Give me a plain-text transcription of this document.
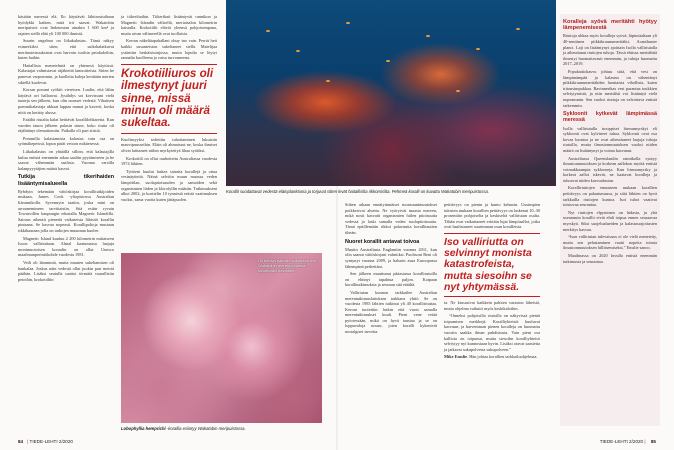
kästään meressä elä. Ilo käyttävät lähtiroutuihaan hyödykki kaiken, mitä irti saavat. Wakatobin meripuistot ovat Indonesian ainakin 1 600 km² ja rajaten siellä elää yli 100 000 ihmistä.

Suurin ongelma on liikakalastus. Tämä näkyy esimerkiksi siten, että suikrhalatkuvat merituuteisuuksistat ovat harvoin isoihin petokaloihin, kuten haihin.

Haitallisia menetelmiä on yhtenesä käytössä. Kalastajat valmistavat räjähteitä lannoitteista. Sitten he panevat varpommin, ja kuolleita kaloja kerätään merten sikiellä kuolevat.

Korran pommi ryökiti viereisen. Luulin, että lähin käytävä avi hallaavat. Jysähdys soi korvissani vielä tunteja sen jälkeen, kun olin nousset vedestä. Vihaitsen pommikalastaja ukkaat lappaa munat ja kaverit, koska niitä on kerätty alussa.

Eräältä riutalta kalat heittävät korallilohkareita. Kun vuoden tauon jälkeen palasin sinne, koko riutta oli räjähtänyt olemattomiin. Paikalla oli pari siistiä.

Pommilla kalastamista kalastus vain osa on syömäkepeissä, lopun pärät vetoon mikäesessä.

Liikakalastus on yhtäällä silloin, että kalastajilla kuluu entistä enemmän aikaa saaliin pyytämiseen ja he saavat vähemmän saalista. Vuonna varsilla kalanpyyytäjien määrä kasvoi.

Tutkija tikerihaiden lisääntymisalueella

Rybdyin tekemään väitöskirjaa korallitutkijoiden mukaan, James Cook -yliopistossa Australian Itärannikolla. Syvennyin taatiin, joska mini on arroanemineen tarvittaisiin. Sitä esitin ryvain Townsvillen kaupungin edustalla Magnetic Islandilla. Sairaus aiheutti pieneitä vaikuteista lähistöt korallin pintaana. Se kasvaa nopeasti. Korallipoltoja mustaan rikkihaaraan jolla on tarhojen muunnan kuolee.

Magnetic Island kuuluu 2 200 kilometrin mittaiseen Isoon valliriuttaan. Almal kaatumassa laajuja monimuotoisen koraalin on ollut Unesco maailmanperintökohde vuodesta 1981.

Veili oli lämmintä, mutta muuten sukeltamisen oli hankalaa. Joskus näin vedestä ollut juokin pari metriä päähän. Lisäksi seutulla saattoi törmätä vaarallisiin petoihin, krokotiiliin

ja tiikerihaihin. Tiikerihait lisääntyvät rannikon ja Magnetic Islandin välisellä, meriaisalon kilometrin kaistalla. Krokotiilit elävät yleensä pohjoisempana, mutta aivan välimerellä ovat tuollaisia.

Kerran näkeltäapahallani ohuy ino vain. Perrät heti kaikki susanteiston sukeltaneet siellä. Matelijaa ystärttiin heskäisiuinjossa, mutta lopulta se löytyi rannalta kuolleena ja vatsa turvonneena.

Krokotiiliuros oli ilmestynyt juuri sinne, missä minun oli määrä sukeltaa.

Kuolinsyyksi todettiin tuhottaminen lukuisiin mauvipuusseihin. Eläin oli ahmaissut ne, koska ihmiset olivat laittaneet niihin myrkytettyä lihaa syötiksi.

Krokotiili on ollut rauhoitettu Australiassa vuodesta 1974 lähtien.

Tyttöeni kuului laskea sairaita korallejä ja ottaa vesinäytteitä. Näinä selvitin muun muassa veden lämpötilan, suolapitoisuuden ja samoiden sekä organismien liiden ja klorofyllin määrän. Tutkimukseni alkoi 2002, ja koettelin 10 tynnöstä erästä vaatimuksen vuoksi, sama vuotta kuten jättäpuolen.

Oli tultava paikalle kokonaan niin Wakatobin merenpohjassa kovakoralli havaittiin.
Lobophyllia hemprichi -korallia esiintyy Wakatobin meripuistossa.
84 | TIEDE-LEHTI 2/2020
Korallit suodattavat vedestä eläinplanktonia ja torjuvat sitten levät haitallisilta rikkomisilta. Pehmeä koralli on kuvattu Wakatobin meripuistossa.

Siihen aikaan ennätyinmäiset monsuunimuutokset poikkesivat aluetta. Ne vyöryivät maasta mereen, mikä nosti kasvatti organismien hiilen pitoisuutta vedessä ja laski samalla veden suolapitoisuutta. Tämä epäillemään rikkoi palavuutta korallitautien tiheän.

Nuoret korallit antavat toivoa

Muutin Australiasta Englantiin vuonna 2011, kun olin saanut väitöskirjani valmiiksi. Puolisoni Beni oli syntynyt vuonna 2009, ja halusin asua Euroopassa lähempänä perhettäni.

Sen jälkeen muuttunut pääasiassa korallirutuilla on ehtinyt tapahtua paljon. Kaipaan korallitutkimuksia ja seuraan sitä etäältä.

Valliriutan kunnon tarkkailee Australian merentutkimuslaitoksen tarkkaus yhtiö. Se on vuodesta 1985 lähtien tutkinut yli 40 korallitriuttaa. Kerran tuotettiin laskin että vuosi samalla merentutkimukset kuuli. Pieni vene vetää pyöriessään, mikä on hyvä taustaa ja se on loppuvaloja nousu, joten koralli kykenivät nostalgiset tarvetta.

peittävyys on pienin ja kunto kehnoin. Uusimpien tulosten mukaan korallien peittävyys on laskenut 10–30 prosenttiin pohjoiselta ja keskiseltä valliriutan osalta. Tähän ovat vaikuttaneet erittäin lujat lämpöaallot, jotka ovat haalistaneet suurimman osan koralleista.

Iso valliriutta on selvinnyt monista katastrofeista, mutta siesoihn se nyt yhtymässä.

ta. Ne kiusasivat kaikkein pahiten varaston läheisiä, mutta ohjelma vaikutti myös keskikaloihin.

“Onneksi pohjoisilla riutoilla on näkyvissä pieniä toipumisen merkkejä. Koralliyhteisöt kuuluvat kasvuun, ja harvemman pienen koralleja on huomattu vuosiin saakka ilman puhdistusta. Vain pieni osa kalliota on toipunut, mutta siesoihn koralliyhteisö selviytyy nyt kunnostaan hyvin. Lisäksi otavat saastetta ja jatkavat sukupolvesta sukupolveen.”

Mike Emslie. Hän johtaa korallien tarkkailuohjelmaa.

Koralleja syövä meritähti hyötyy lämpenemisestä

Riuttoja uhkaa myös koralleja syövä, läpimitaltaan yli 40-senttinen piikkikruunumeritähti, Acanthaster planci. Laji on lisääntynyt ajoittain Isolla valliriutalla ja aiheuttanut riuttojen tuhoja. Tässä ehtissa meritähtiä ilmestyi huomattavasti enemmän, ja tuhoja huomattu 2017–2019.

Populaatiokasvu johtuu siitä, että vesi on lämpimämpää ja kalastus on vähentänyt piikkikruunumeritähden luontaisia vihollisia, kuten tritonsimpukkaa. Ravinnerikas vesi parantaa toukkien selviytymistä, ja niin meritähti voi lisääntyä vielä nopeammin. Sen vuoksi riuttoja on valvottava entistä tarkemmin.

Sykloonit kytkevät lämpimässä meressä

Isolla valliriutalla trooppiset hirmumyrskyt eli sykloonit ovat kylvineet tuhoa. Sykloonit ovat osa kovaa luontoa ja ne ovat aiheuttaneet laajoja tuhoja riutoilla, mutta ilmastonmuutoksen vuoksi niiden määrä on lisääntynyt ja voima kasvanut.

Australiassa Queenslandin rannikolla syntyy ilmastonmuutoksen ja korkean aallokon myötä entistä voimakkaampia syklooneja. Kun hirmumyrsky ja korkeat aallot iskevät, ne kaatavat koralleja ja tuhoavat niiden kasvualustan.

Koralliriuttojen ennusteen mukaan korallien peittävyys on palautumassa, ja siitä lähtien on hyvä tarkkailla riuttojen kuntoa. Isot tuhot vaativat toistuvaa seurantaa.

Nyt riuttojen elpyminen on hidasta, ja yhä useammin korallit eivät ehdi toipua ennen seuraavaa myrskyä. Siksi suojelualueiden ja kalastusrajoitusten merkitys kasvaa.

“Ison valliriutan tulevaisuus ei ole vielä menetetty, mutta sen pelastaminen vaatii nopeita toimia ilmastonmuutoksen hillitsemiseksi,” Emslie sanoo.

Maailmassa on 2020 luvulla entistä enemmän tutkimusta ja seurantaa.

TIEDE-LEHTI 2/2020 | 85
